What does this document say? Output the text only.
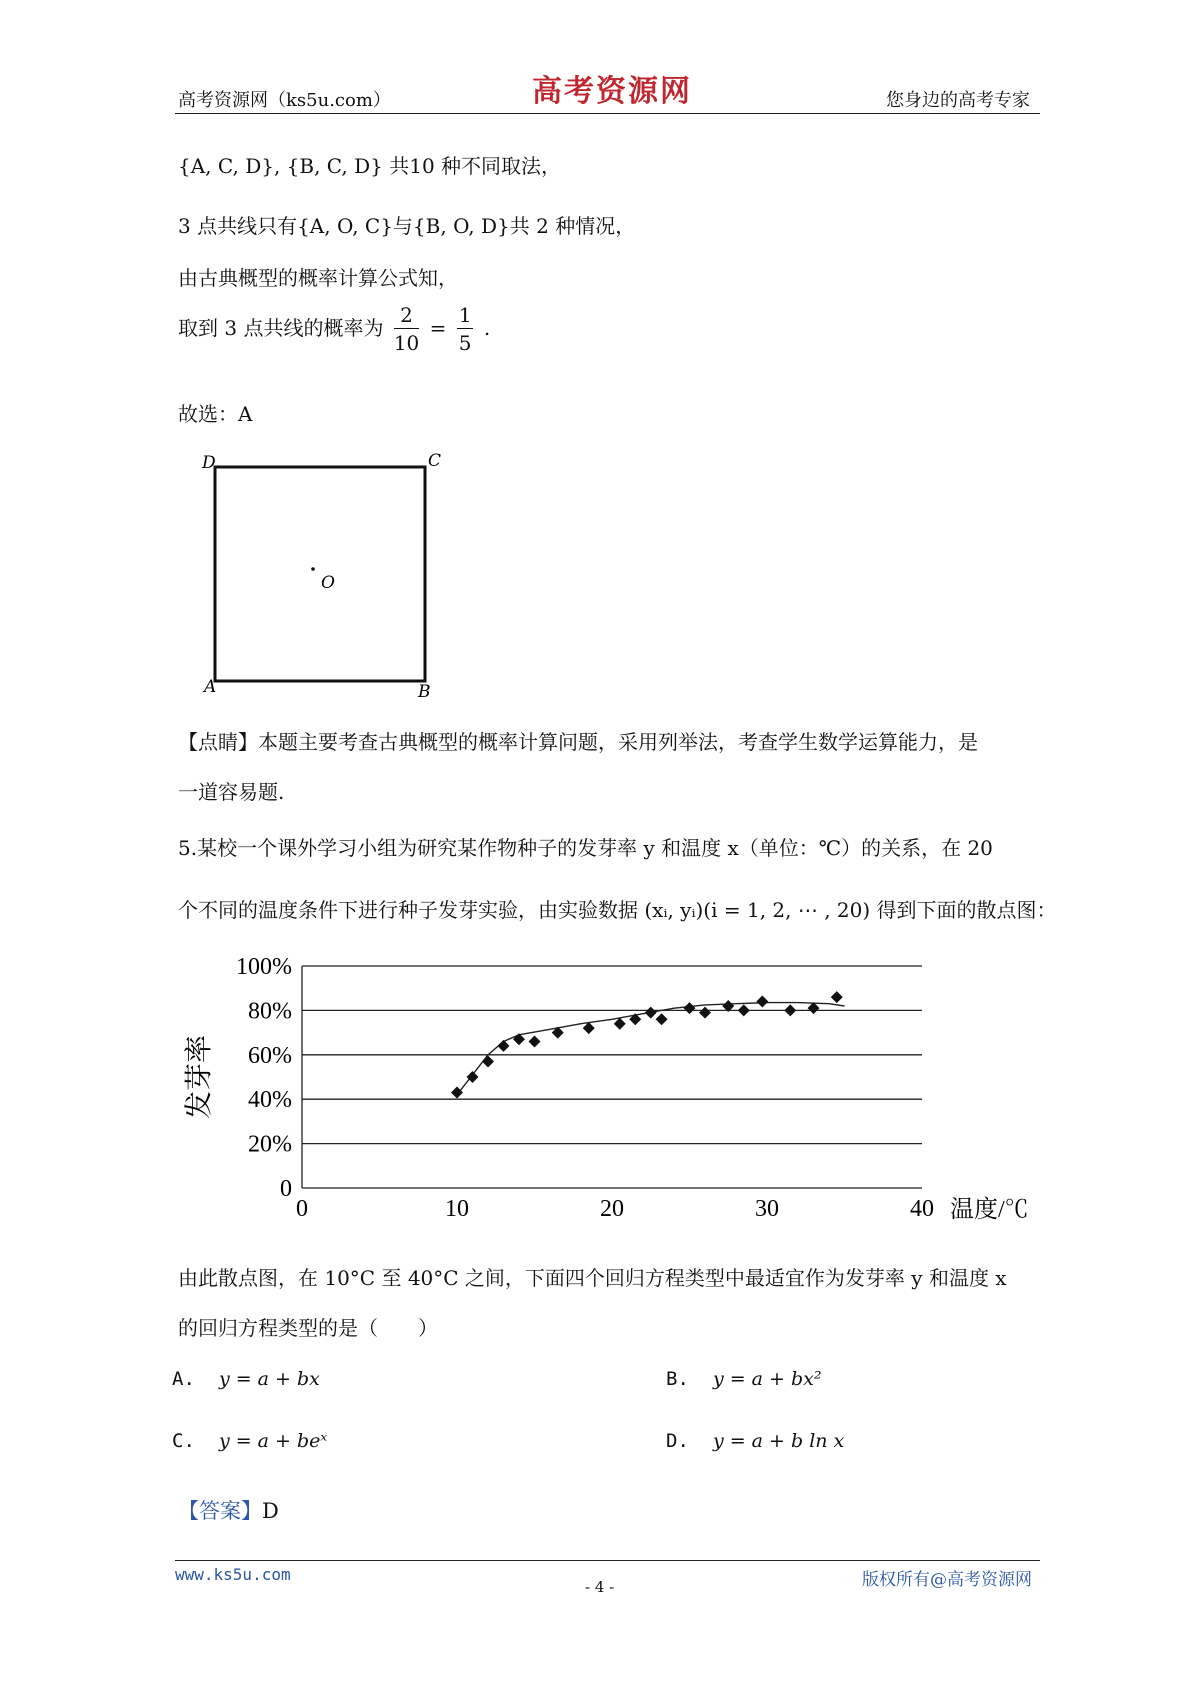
高考资源网（ks5u.com）	高考资源网	您身边的高考专家
{A, C, D}, {B, C, D} 共10 种不同取法，
3 点共线只有{A, O, C}与{B, O, D}共 2 种情况，
由古典概型的概率计算公式知，
取到 3 点共线的概率为 $\frac{2}{10} = \frac{1}{5}$ .
故选：A
D	C
A	B
O
【点睛】本题主要考查古典概型的概率计算问题，采用列举法，考查学生数学运算能力，是
一道容易题.
5.某校一个课外学习小组为研究某作物种子的发芽率 y 和温度 x（单位：℃）的关系，在 20
个不同的温度条件下进行种子发芽实验，由实验数据 (xᵢ, yᵢ)(i = 1, 2, ⋯ , 20) 得到下面的散点图：
0
20%
40%
60%
80%
100%
0	10	20	30	40
发芽率
温度/℃
由此散点图，在 10°C 至 40°C 之间，下面四个回归方程类型中最适宜作为发芽率 y 和温度 x
的回归方程类型的是（　　）
A. y = a + bx	B. y = a + bx²
C. y = a + beˣ	D. y = a + b ln x
【答案】D
www.ks5u.com
- 4 -	版权所有@高考资源网
